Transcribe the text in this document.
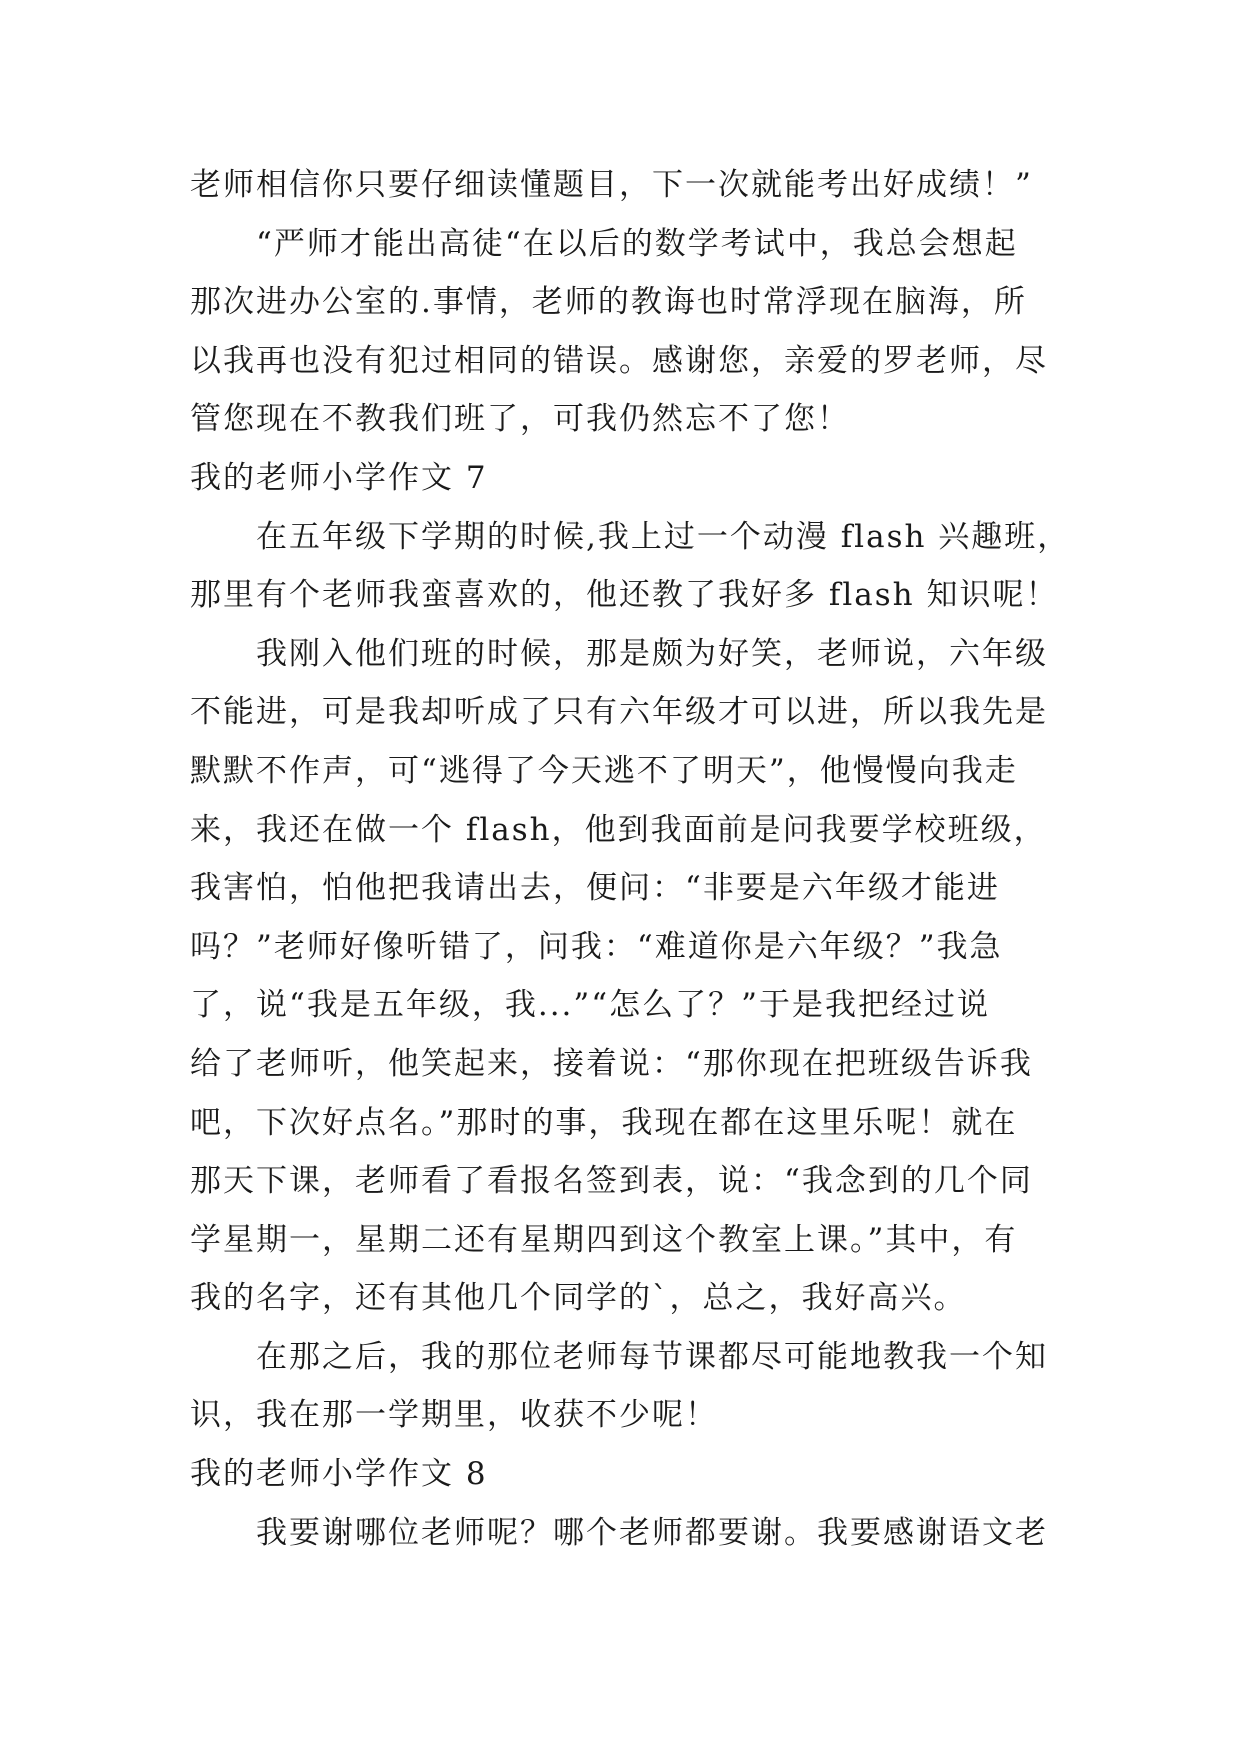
老师相信你只要仔细读懂题目，下一次就能考出好成绩！”
“严师才能出高徒“在以后的数学考试中，我总会想起
那次进办公室的.事情，老师的教诲也时常浮现在脑海，所
以我再也没有犯过相同的错误。感谢您，亲爱的罗老师，尽
管您现在不教我们班了，可我仍然忘不了您！
我的老师小学作文 7
在五年级下学期的时候,我上过一个动漫 flash 兴趣班，
那里有个老师我蛮喜欢的，他还教了我好多 flash 知识呢！
我刚入他们班的时候，那是颇为好笑，老师说，六年级
不能进，可是我却听成了只有六年级才可以进，所以我先是
默默不作声，可“逃得了今天逃不了明天”，他慢慢向我走
来，我还在做一个 flash，他到我面前是问我要学校班级，
我害怕，怕他把我请出去，便问：“非要是六年级才能进
吗？”老师好像听错了，问我：“难道你是六年级？”我急
了，说“我是五年级，我...”“怎么了？”于是我把经过说
给了老师听，他笑起来，接着说：“那你现在把班级告诉我
吧，下次好点名。”那时的事，我现在都在这里乐呢！就在
那天下课，老师看了看报名签到表，说：“我念到的几个同
学星期一，星期二还有星期四到这个教室上课。”其中，有
我的名字，还有其他几个同学的`，总之，我好高兴。
在那之后，我的那位老师每节课都尽可能地教我一个知
识，我在那一学期里，收获不少呢！
我的老师小学作文 8
我要谢哪位老师呢？哪个老师都要谢。我要感谢语文老
